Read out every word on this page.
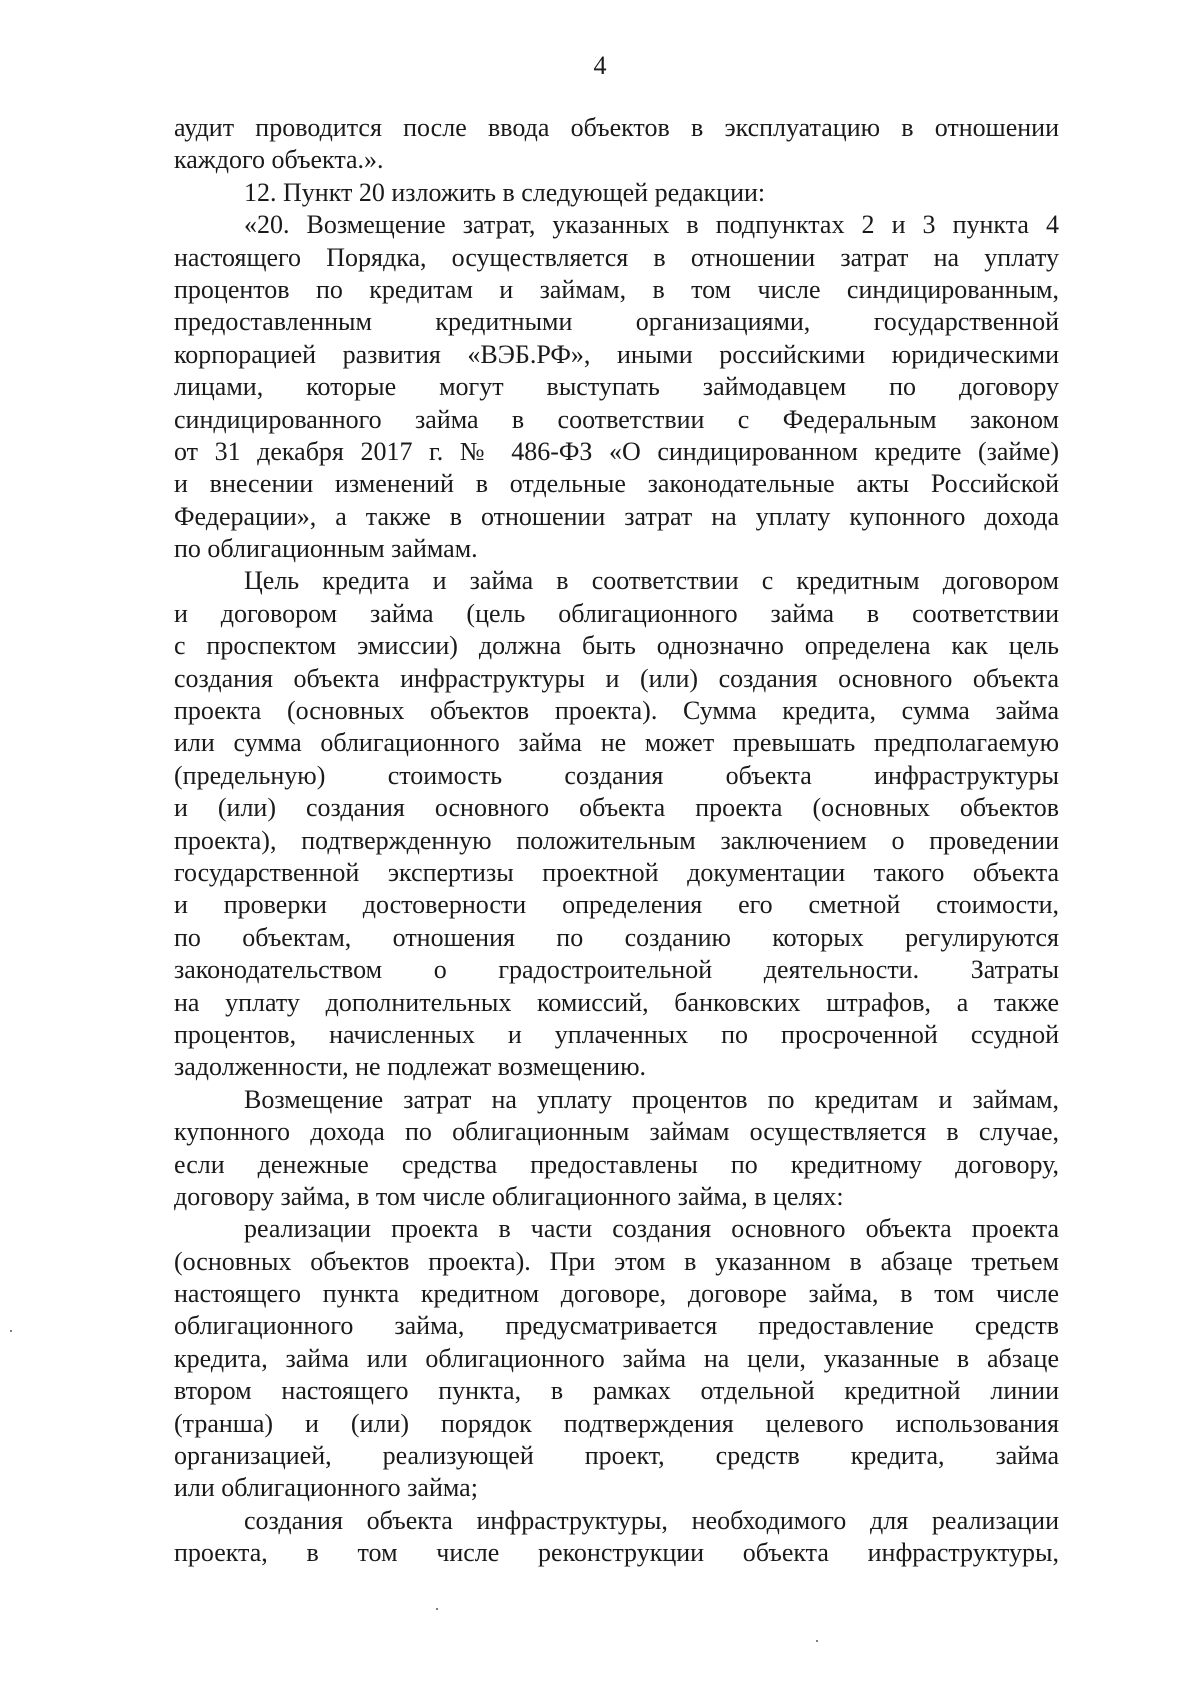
4
аудит проводится после ввода объектов в эксплуатацию в отношении
каждого объекта.».
12. Пункт 20 изложить в следующей редакции:
«20. Возмещение затрат, указанных в подпунктах 2 и 3 пункта 4
настоящего Порядка, осуществляется в отношении затрат на уплату
процентов по кредитам и займам, в том числе синдицированным,
предоставленным кредитными организациями, государственной
корпорацией развития «ВЭБ.РФ», иными российскими юридическими
лицами, которые могут выступать займодавцем по договору
синдицированного займа в соответствии с Федеральным законом
от 31 декабря 2017 г. № 486-ФЗ «О синдицированном кредите (займе)
и внесении изменений в отдельные законодательные акты Российской
Федерации», а также в отношении затрат на уплату купонного дохода
по облигационным займам.
Цель кредита и займа в соответствии с кредитным договором
и договором займа (цель облигационного займа в соответствии
с проспектом эмиссии) должна быть однозначно определена как цель
создания объекта инфраструктуры и (или) создания основного объекта
проекта (основных объектов проекта). Сумма кредита, сумма займа
или сумма облигационного займа не может превышать предполагаемую
(предельную) стоимость создания объекта инфраструктуры
и (или) создания основного объекта проекта (основных объектов
проекта), подтвержденную положительным заключением о проведении
государственной экспертизы проектной документации такого объекта
и проверки достоверности определения его сметной стоимости,
по объектам, отношения по созданию которых регулируются
законодательством о градостроительной деятельности. Затраты
на уплату дополнительных комиссий, банковских штрафов, а также
процентов, начисленных и уплаченных по просроченной ссудной
задолженности, не подлежат возмещению.
Возмещение затрат на уплату процентов по кредитам и займам,
купонного дохода по облигационным займам осуществляется в случае,
если денежные средства предоставлены по кредитному договору,
договору займа, в том числе облигационного займа, в целях:
реализации проекта в части создания основного объекта проекта
(основных объектов проекта). При этом в указанном в абзаце третьем
настоящего пункта кредитном договоре, договоре займа, в том числе
облигационного займа, предусматривается предоставление средств
кредита, займа или облигационного займа на цели, указанные в абзаце
втором настоящего пункта, в рамках отдельной кредитной линии
(транша) и (или) порядок подтверждения целевого использования
организацией, реализующей проект, средств кредита, займа
или облигационного займа;
создания объекта инфраструктуры, необходимого для реализации
проекта, в том числе реконструкции объекта инфраструктуры,
